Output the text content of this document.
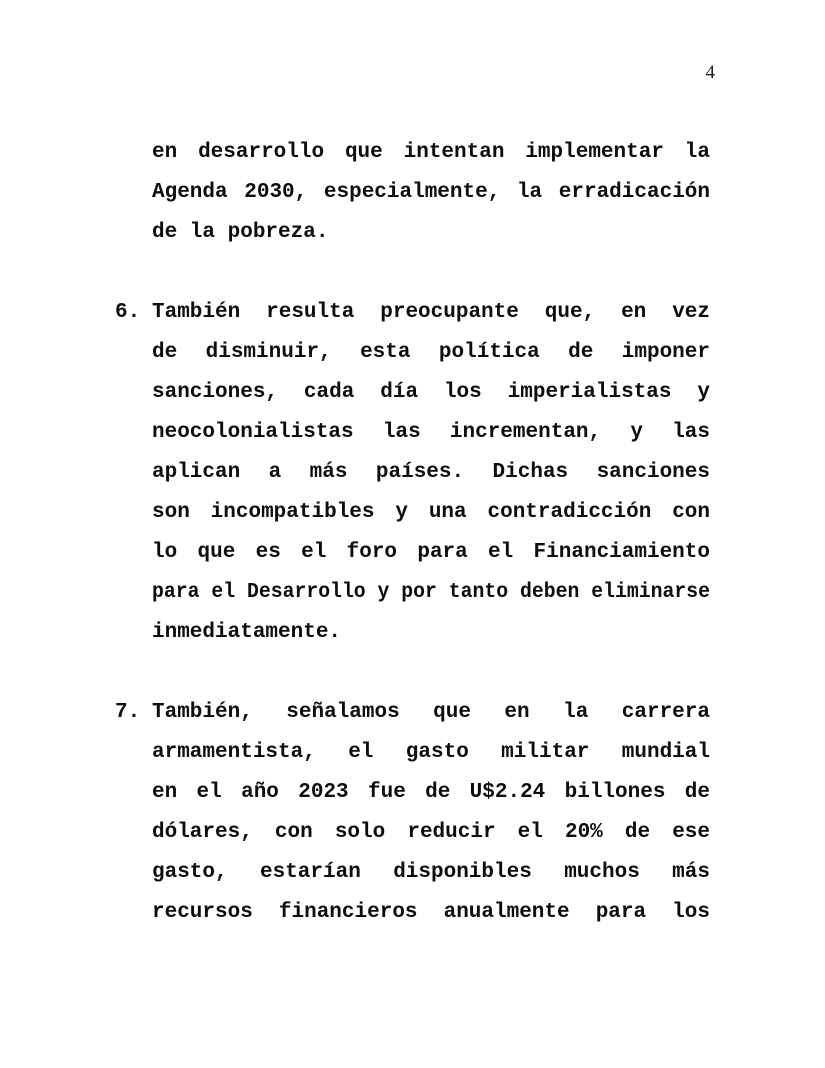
4
en desarrollo que intentan implementar la
Agenda 2030, especialmente, la erradicación
de la pobreza.
6. También resulta preocupante que, en vez
de disminuir, esta política de imponer
sanciones, cada día los imperialistas y
neocolonialistas las incrementan, y las
aplican a más países. Dichas sanciones
son incompatibles y una contradicción con
lo que es el foro para el Financiamiento
para el Desarrollo y por tanto deben eliminarse
inmediatamente.
7. También, señalamos que en la carrera
armamentista, el gasto militar mundial
en el año 2023 fue de U$2.24 billones de
dólares, con solo reducir el 20% de ese
gasto, estarían disponibles muchos más
recursos financieros anualmente para los
